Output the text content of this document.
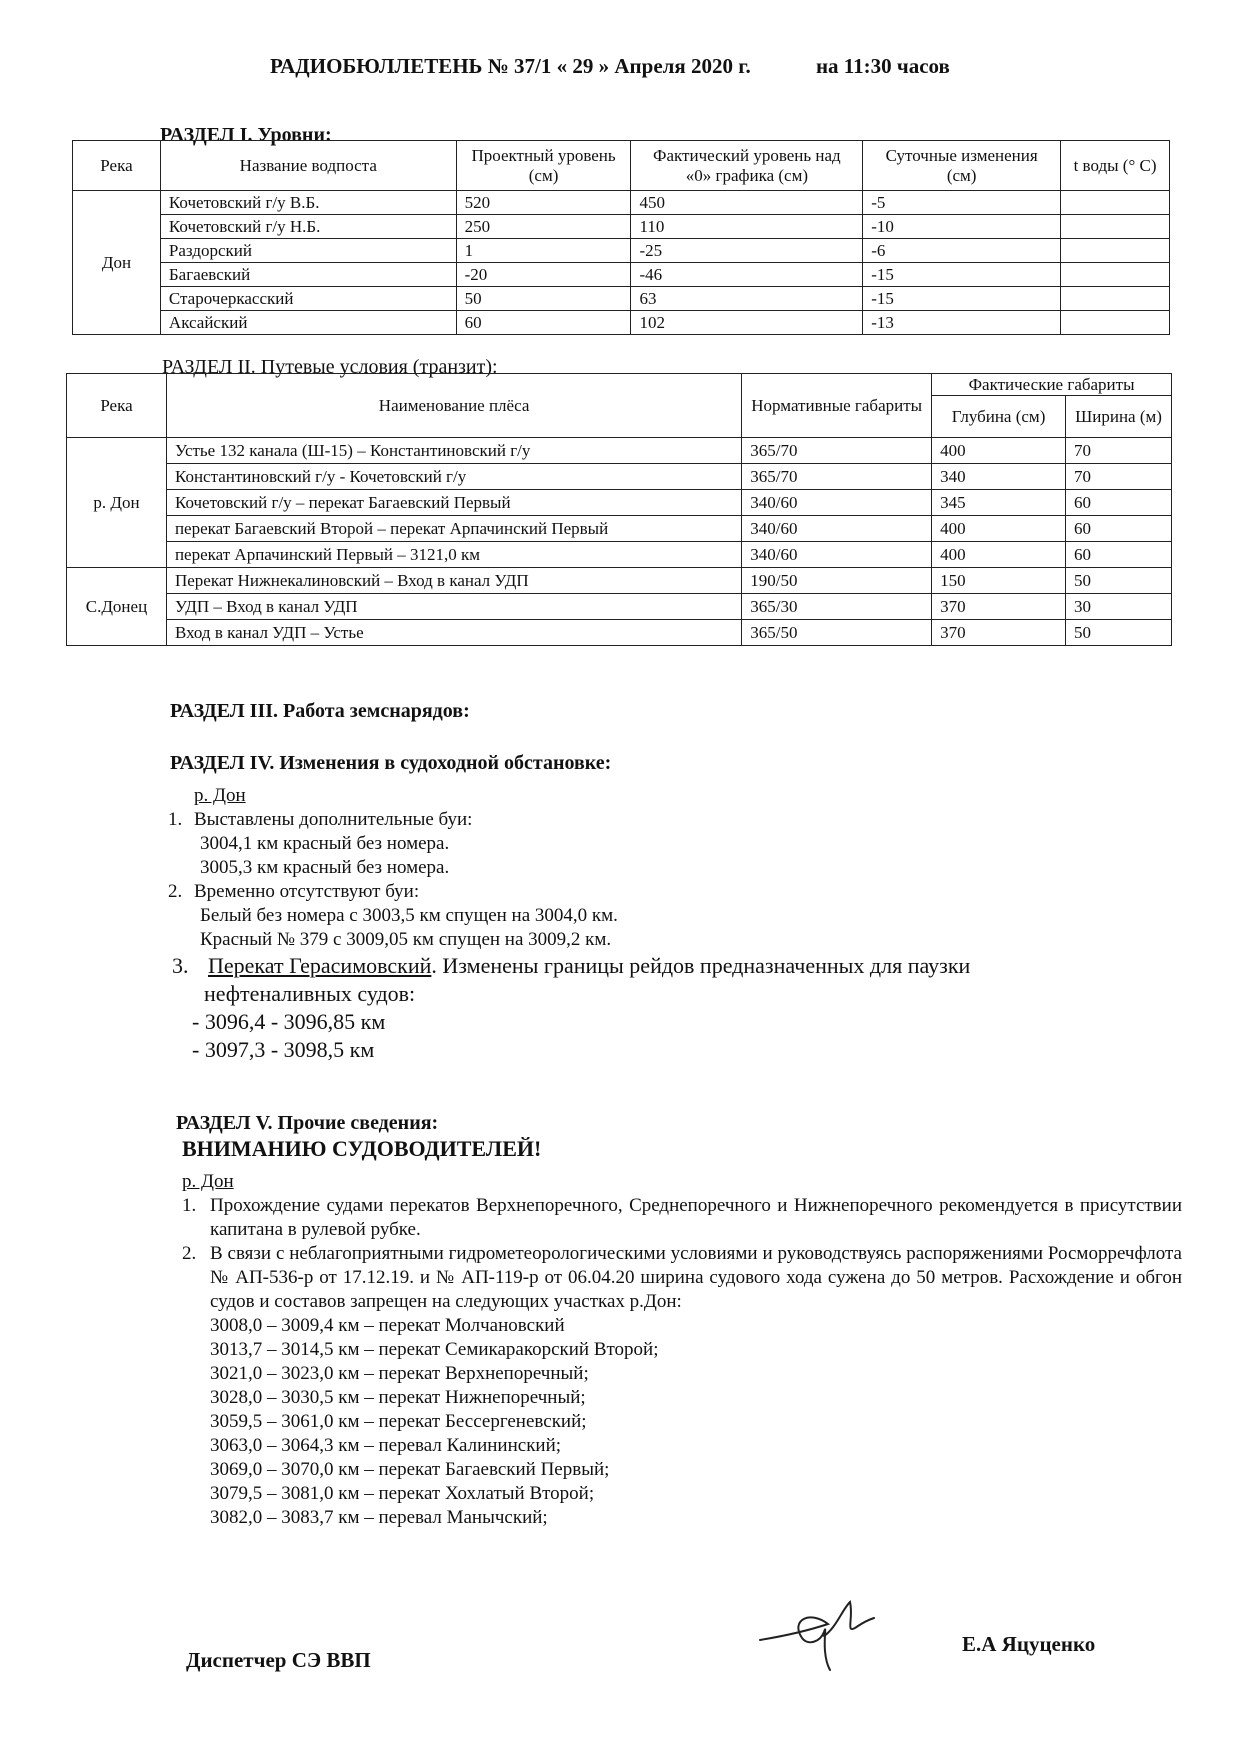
РАДИОБЮЛЛЕТЕНЬ № 37/1 « 29 » Апреля 2020 г.	на 11:30 часов
РАЗДЕЛ I. Уровни:
Река	Название водпоста	Проектный уровень (см)	Фактический уровень над «0» графика (см)	Суточные изменения (см)	t воды (° C)
Дон	Кочетовский г/у В.Б.	520	450	-5	
	Кочетовский г/у Н.Б.	250	110	-10	
	Раздорский	1	-25	-6	
	Багаевский	-20	-46	-15	
	Старочеркасский	50	63	-15	
	Аксайский	60	102	-13	
РАЗДЕЛ II. Путевые условия (транзит):
Река	Наименование плёса	Нормативные габариты	Фактические габариты	
			Глубина (см)	Ширина (м)
р. Дон	Устье 132 канала (Ш-15) – Константиновский г/у	365/70	400	70
	Константиновский г/у - Кочетовский г/у	365/70	340	70
	Кочетовский г/у – перекат Багаевский Первый	340/60	345	60
	перекат Багаевский Второй – перекат Арпачинский Первый	340/60	400	60
	перекат Арпачинский Первый – 3121,0 км	340/60	400	60
С.Донец	Перекат Нижнекалиновский – Вход в канал УДП	190/50	150	50
	УДП – Вход в канал УДП	365/30	370	30
	Вход в канал УДП – Устье	365/50	370	50
РАЗДЕЛ III. Работа земснарядов:
РАЗДЕЛ IV. Изменения в судоходной обстановке:
р. Дон
1. Выставлены дополнительные буи:
3004,1 км красный без номера.
3005,3 км красный без номера.
2. Временно отсутствуют буи:
Белый без номера с 3003,5 км спущен на 3004,0 км.
Красный № 379 с 3009,05 км спущен на 3009,2 км.
3. Перекат Герасимовский. Изменены границы рейдов предназначенных для паузки
нефтеналивных судов:
- 3096,4 - 3096,85 км
- 3097,3 - 3098,5 км
РАЗДЕЛ V. Прочие сведения:
ВНИМАНИЮ СУДОВОДИТЕЛЕЙ!
р. Дон
1. Прохождение судами перекатов Верхнепоречного, Среднепоречного и Нижнепоречного рекомендуется в присутствии капитана в рулевой рубке.
2. В связи с неблагоприятными гидрометеорологическими условиями и руководствуясь распоряжениями Росморречфлота № АП-536-р от 17.12.19. и № АП-119-р от 06.04.20 ширина судового хода сужена до 50 метров. Расхождение и обгон судов и составов запрещен на следующих участках р.Дон:
3008,0 – 3009,4 км – перекат Молчановский
3013,7 – 3014,5 км – перекат Семикаракорский Второй;
3021,0 – 3023,0 км – перекат Верхнепоречный;
3028,0 – 3030,5 км – перекат Нижнепоречный;
3059,5 – 3061,0 км – перекат Бессергеневский;
3063,0 – 3064,3 км – перевал Калининский;
3069,0 – 3070,0 км – перекат Багаевский Первый;
3079,5 – 3081,0 км – перекат Хохлатый Второй;
3082,0 – 3083,7 км – перевал Манычский;
Диспетчер СЭ ВВП
Е.А Яцуценко
